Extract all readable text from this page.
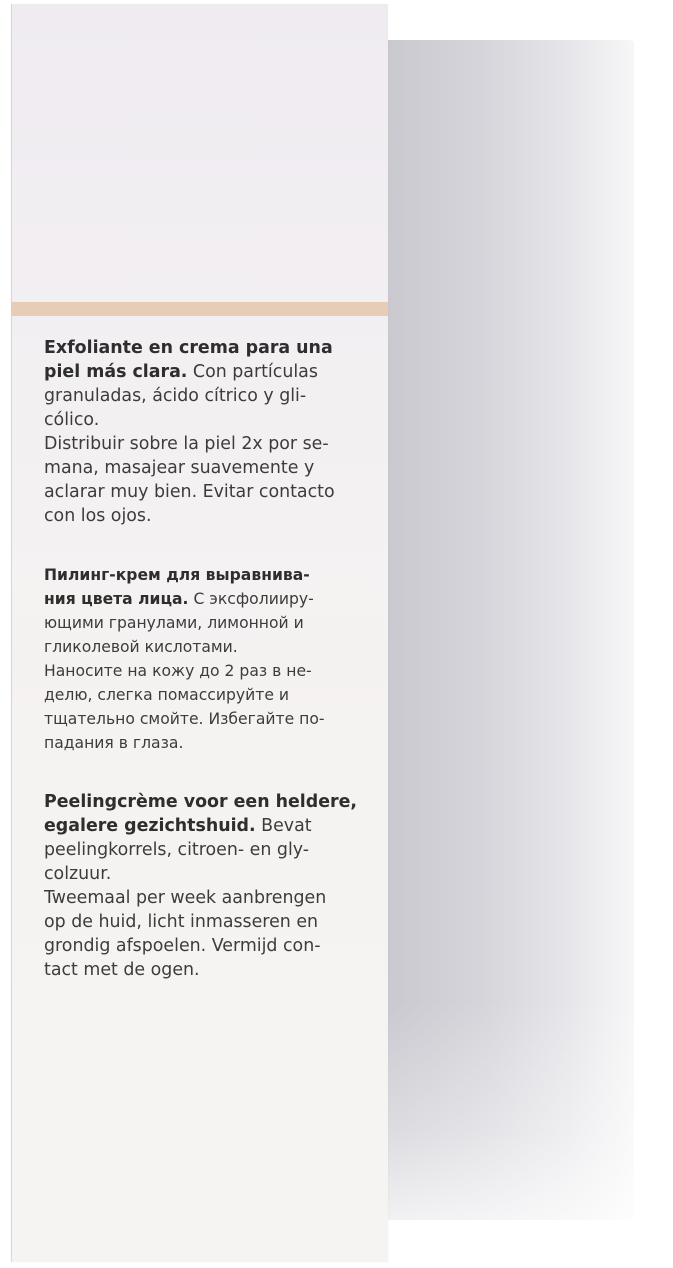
Exfoliante en crema para una
piel más clara. Con partículas
granuladas, ácido cítrico y gli-
cólico.
Distribuir sobre la piel 2x por se-
mana, masajear suavemente y
aclarar muy bien. Evitar contacto
con los ojos.
Пилинг-крем для выравнива-
ния цвета лица. С эксфолииру-
ющими гранулами, лимонной и
гликолевой кислотами.
Наносите на кожу до 2 раз в не-
делю, слегка помассируйте и
тщательно смойте. Избегайте по-
падания в глаза.
Peelingcrème voor een heldere,
egalere gezichtshuid. Bevat
peelingkorrels, citroen- en gly-
colzuur.
Tweemaal per week aanbrengen
op de huid, licht inmasseren en
grondig afspoelen. Vermijd con-
tact met de ogen.
